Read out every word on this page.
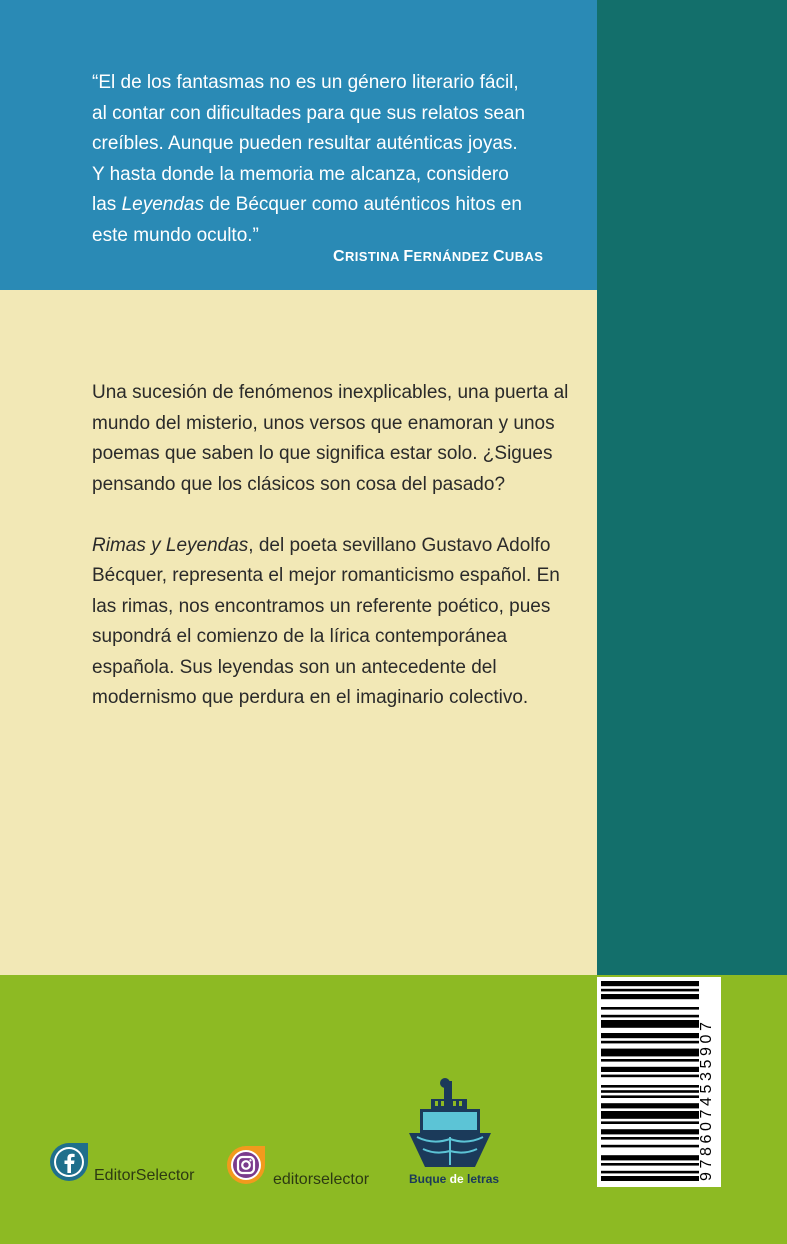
“El de los fantasmas no es un género literario fácil,

al contar con dificultades para que sus relatos sean

creíbles. Aunque pueden resultar auténticas joyas.

Y hasta donde la memoria me alcanza, considero

las Leyendas de Bécquer como auténticos hitos en

este mundo oculto.”

CRISTINA FERNÁNDEZ CUBAS

Una sucesión de fenómenos inexplicables, una puerta al mundo del misterio, unos versos que enamoran y unos poemas que saben lo que significa estar solo. ¿Sigues pensando que los clásicos son cosa del pasado?

Rimas y Leyendas, del poeta sevillano Gustavo Adolfo Bécquer, representa el mejor romanticismo español. En las rimas, nos encontramos un referente poético, pues supondrá el comienzo de la lírica contemporánea española. Sus leyendas son un antecedente del modernismo que perdura en el imaginario colectivo.

EditorSelector	editorselector	Buque de letras	9786074535907
